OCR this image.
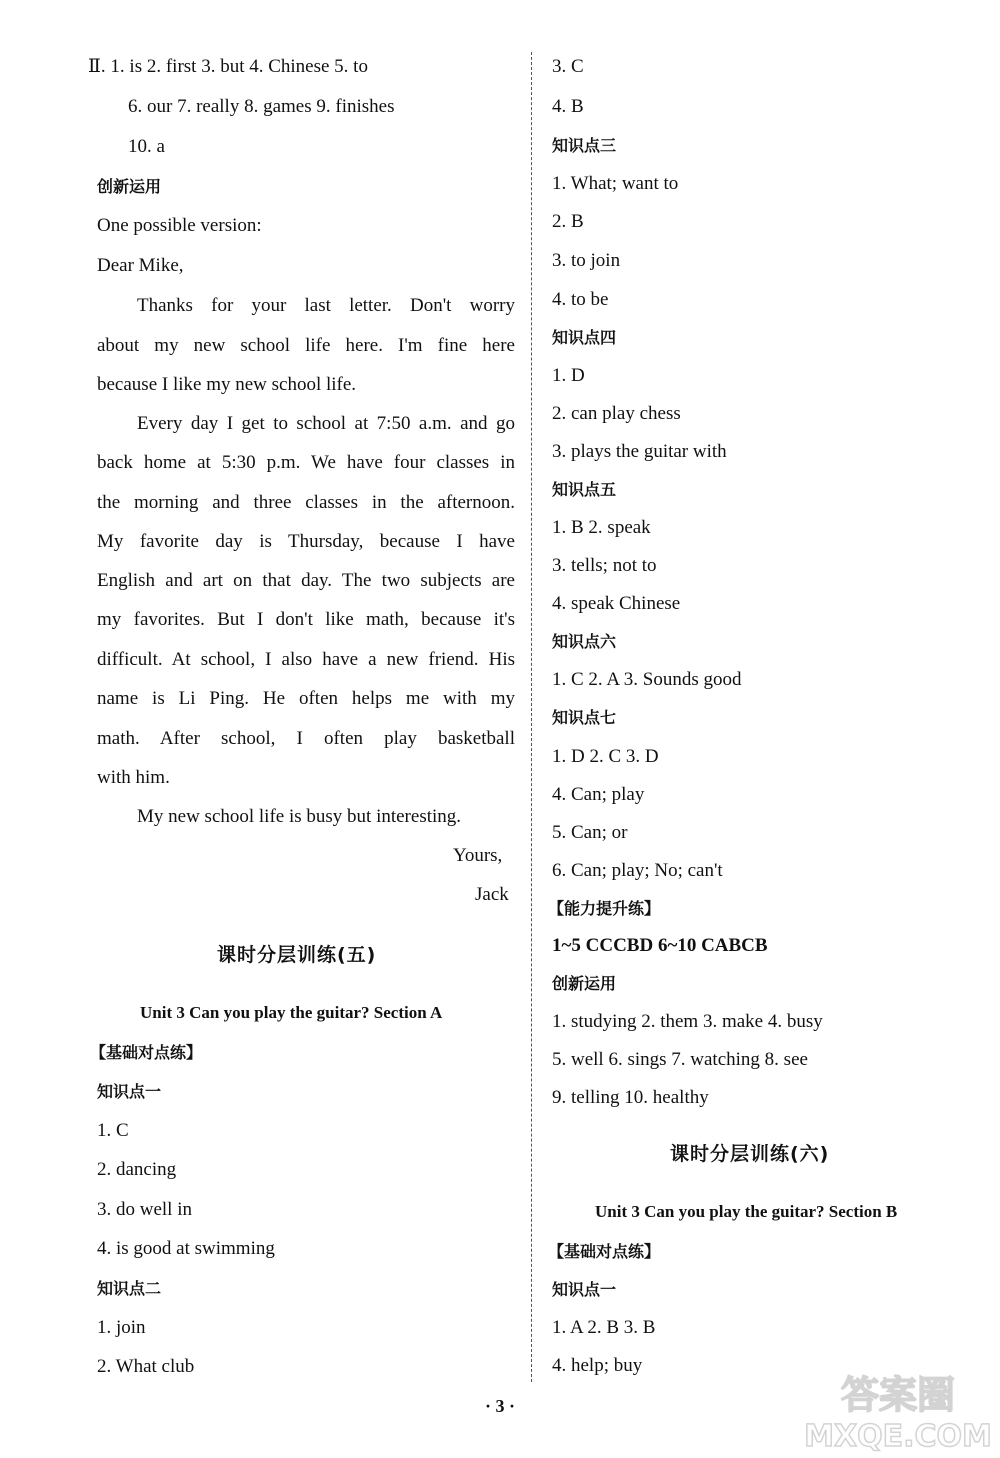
Ⅱ. 1. is 2. first 3. but 4. Chinese 5. to
6. our 7. really 8. games 9. finishes
10. a
创新运用
One possible version:
Dear Mike,
Thanks for your last letter. Don't worry
about my new school life here. I'm fine here
because I like my new school life.
Every day I get to school at 7:50 a.m. and go
back home at 5:30 p.m. We have four classes in
the morning and three classes in the afternoon.
My favorite day is Thursday, because I have
English and art on that day. The two subjects are
my favorites. But I don't like math, because it's
difficult. At school, I also have a new friend. His
name is Li Ping. He often helps me with my
math. After school, I often play basketball
with him.
My new school life is busy but interesting.
Yours,
Jack
课时分层训练(五)
Unit 3 Can you play the guitar? Section A
【基础对点练】
知识点一
1. C
2. dancing
3. do well in
4. is good at swimming
知识点二
1. join
2. What club
3. C
4. B
知识点三
1. What; want to
2. B
3. to join
4. to be
知识点四
1. D
2. can play chess
3. plays the guitar with
知识点五
1. B 2. speak
3. tells; not to
4. speak Chinese
知识点六
1. C 2. A 3. Sounds good
知识点七
1. D 2. C 3. D
4. Can; play
5. Can; or
6. Can; play; No; can't
【能力提升练】
1~5 CCCBD 6~10 CABCB
创新运用
1. studying 2. them 3. make 4. busy
5. well 6. sings 7. watching 8. see
9. telling 10. healthy
课时分层训练(六)
Unit 3 Can you play the guitar? Section B
【基础对点练】
知识点一
1. A 2. B 3. B
4. help; buy
· 3 ·	答案圈
MXQE.COM
